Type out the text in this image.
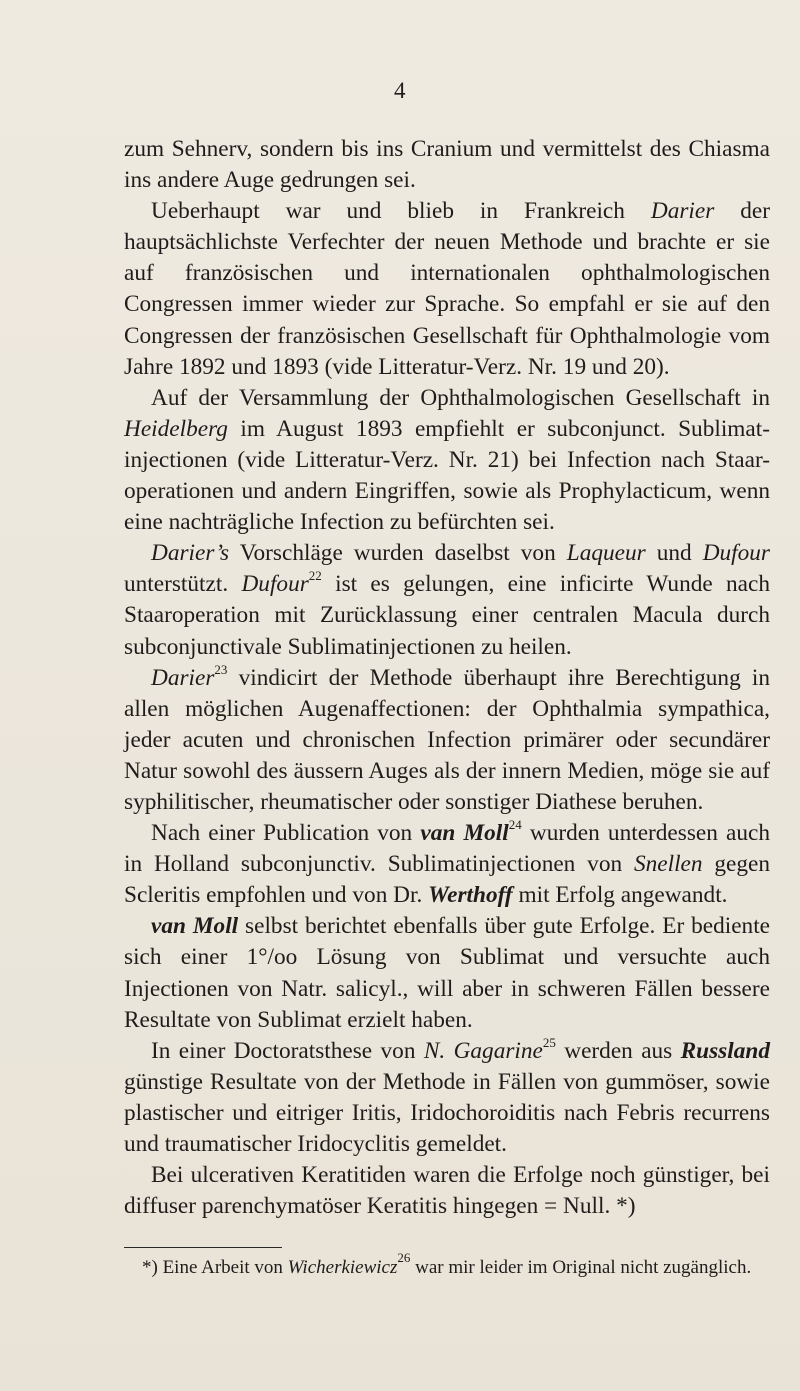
4

zum Sehnerv, sondern bis ins Cranium und vermittelst des Chiasma ins andere Auge gedrungen sei.

Ueberhaupt war und blieb in Frankreich Darier der hauptsächlichste Verfechter der neuen Methode und brachte er sie auf französischen und internationalen ophthalmologischen Congressen immer wieder zur Sprache. So empfahl er sie auf den Congressen der französischen Gesellschaft für Ophthalmologie vom Jahre 1892 und 1893 (vide Litteratur-Verz. Nr. 19 und 20).

Auf der Versammlung der Ophthalmologischen Gesellschaft in Heidelberg im August 1893 empfiehlt er subconjunct. Sublimat-injectionen (vide Litteratur-Verz. Nr. 21) bei Infection nach Staar-operationen und andern Eingriffen, sowie als Prophylacticum, wenn eine nachträgliche Infection zu befürchten sei.

Darier’s Vorschläge wurden daselbst von Laqueur und Dufour unterstützt. Dufour$^{22}$ ist es gelungen, eine inficirte Wunde nach Staaroperation mit Zurücklassung einer centralen Macula durch subconjunctivale Sublimatinjectionen zu heilen.

Darier$^{23}$ vindicirt der Methode überhaupt ihre Berechtigung in allen möglichen Augenaffectionen: der Ophthalmia sympathica, jeder acuten und chronischen Infection primärer oder secundärer Natur sowohl des äussern Auges als der innern Medien, möge sie auf syphilitischer, rheumatischer oder sonstiger Diathese beruhen.

Nach einer Publication von van Moll$^{24}$ wurden unterdessen auch in Holland subconjunctiv. Sublimatinjectionen von Snellen gegen Scleritis empfohlen und von Dr. Werthoff mit Erfolg angewandt.

van Moll selbst berichtet ebenfalls über gute Erfolge. Er bediente sich einer 1°/oo Lösung von Sublimat und versuchte auch Injectionen von Natr. salicyl., will aber in schweren Fällen bessere Resultate von Sublimat erzielt haben.

In einer Doctoratsthese von N. Gagarine$^{25}$ werden aus Russland günstige Resultate von der Methode in Fällen von gummöser, sowie plastischer und eitriger Iritis, Iridochoroiditis nach Febris recurrens und traumatischer Iridocyclitis gemeldet.

Bei ulcerativen Keratitiden waren die Erfolge noch günstiger, bei diffuser parenchymatöser Keratitis hingegen = Null. *)

*) Eine Arbeit von Wicherkiewicz$^{26}$ war mir leider im Original nicht zugänglich.
